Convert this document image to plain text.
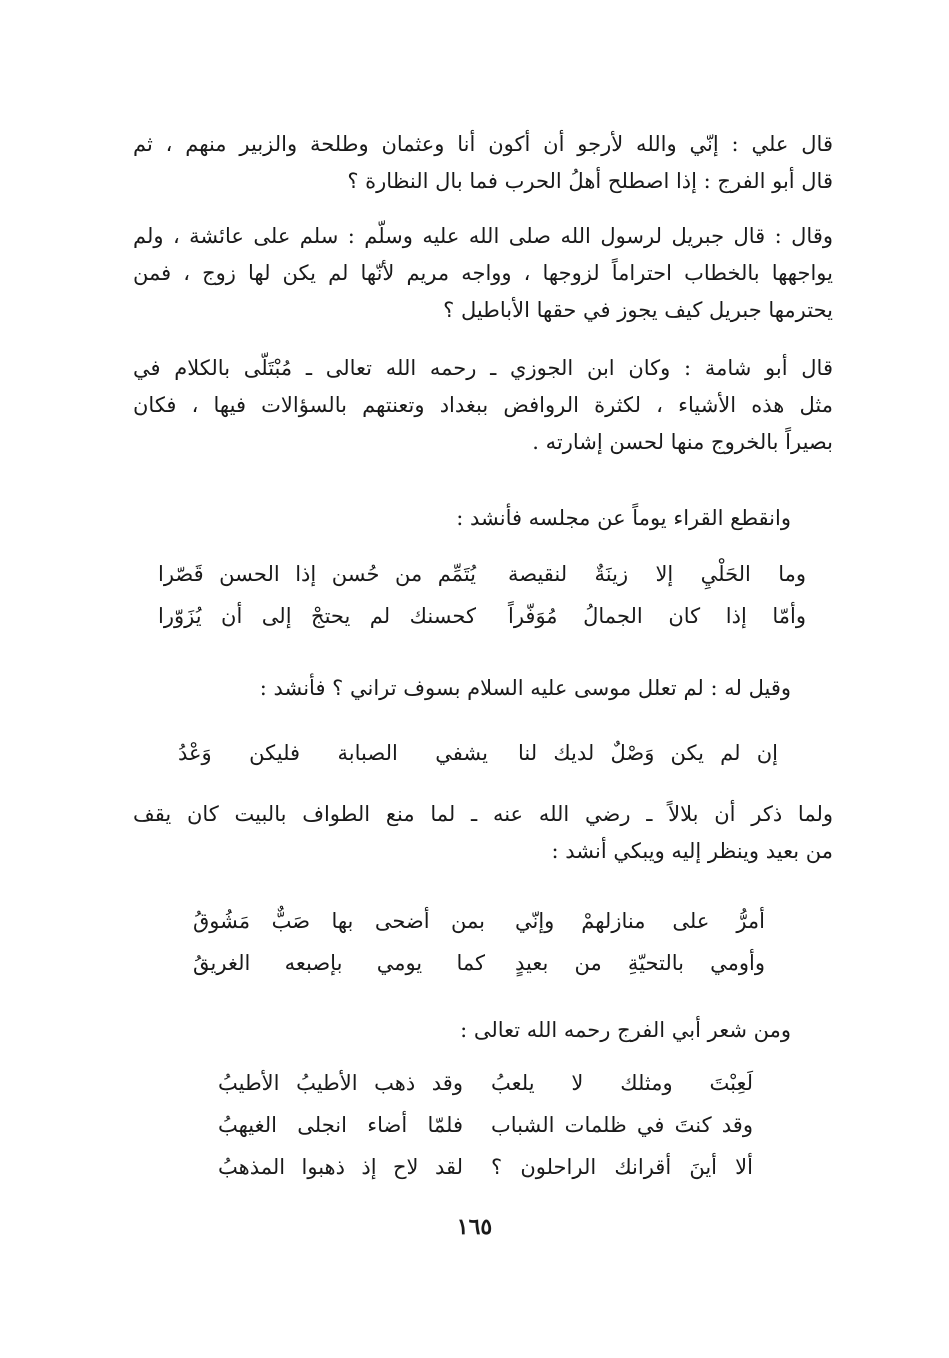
قال علي : إنّي والله لأرجو أن أكون أنا وعثمان وطلحة والزبير منهم ، ثم
قال أبو الفرج : إذا اصطلح أهلُ الحرب فما بال النظارة ؟
وقال : قال جبريل لرسول الله صلى الله عليه وسلّم : سلم على عائشة ، ولم
يواجهها بالخطاب احتراماً لزوجها ، وواجه مريم لأنّها لم يكن لها زوج ، فمن
يحترمها جبريل كيف يجوز في حقها الأباطيل ؟
قال أبو شامة : وكان ابن الجوزي ـ رحمه الله تعالى ـ مُبْتَلّى بالكلام في
مثل هذه الأشياء ، لكثرة الروافض ببغداد وتعنتهم بالسؤالات فيها ، فكان
بصيراً بالخروج منها لحسن إشارته .
وانقطع القراء يوماً عن مجلسه فأنشد :
وما الحَلْيِ إلا زينَةٌ لنقيصة
يُتَمِّم من حُسن إذا الحسن قَصّرا
وأمّا إذا كان الجمالُ مُوَفّراً
كحسنك لم يحتجْ إلى أن يُزَوّرا
وقيل له : لم تعلل موسى عليه السلام بسوف تراني ؟ فأنشد :
إن لم يكن وَصْلٌ لديك لنا
يشفي الصبابة فليكن وَعْدُ
ولما ذكر أن بلالاً ـ رضي الله عنه ـ لما منع الطواف بالبيت كان يقف
من بعيد وينظر إليه ويبكي أنشد :
أمرُّ على منازلهمْ وإنّي
بمن أضحى بها صَبٌّ مَشُوقُ
وأومي بالتحيّةِ من بعيدٍ
كما يومي بإصبعه الغريقُ
ومن شعر أبي الفرج رحمه الله تعالى :
لَعِبْتَ ومثلك لا يلعبُ
وقد ذهب الأطيبُ الأطيبُ
وقد كنتَ في ظلمات الشباب
فلمّا أضاء انجلى الغيهبُ
ألا أينَ أقرانك الراحلون ؟
لقد لاح إذ ذهبوا المذهبُ
١٦٥
